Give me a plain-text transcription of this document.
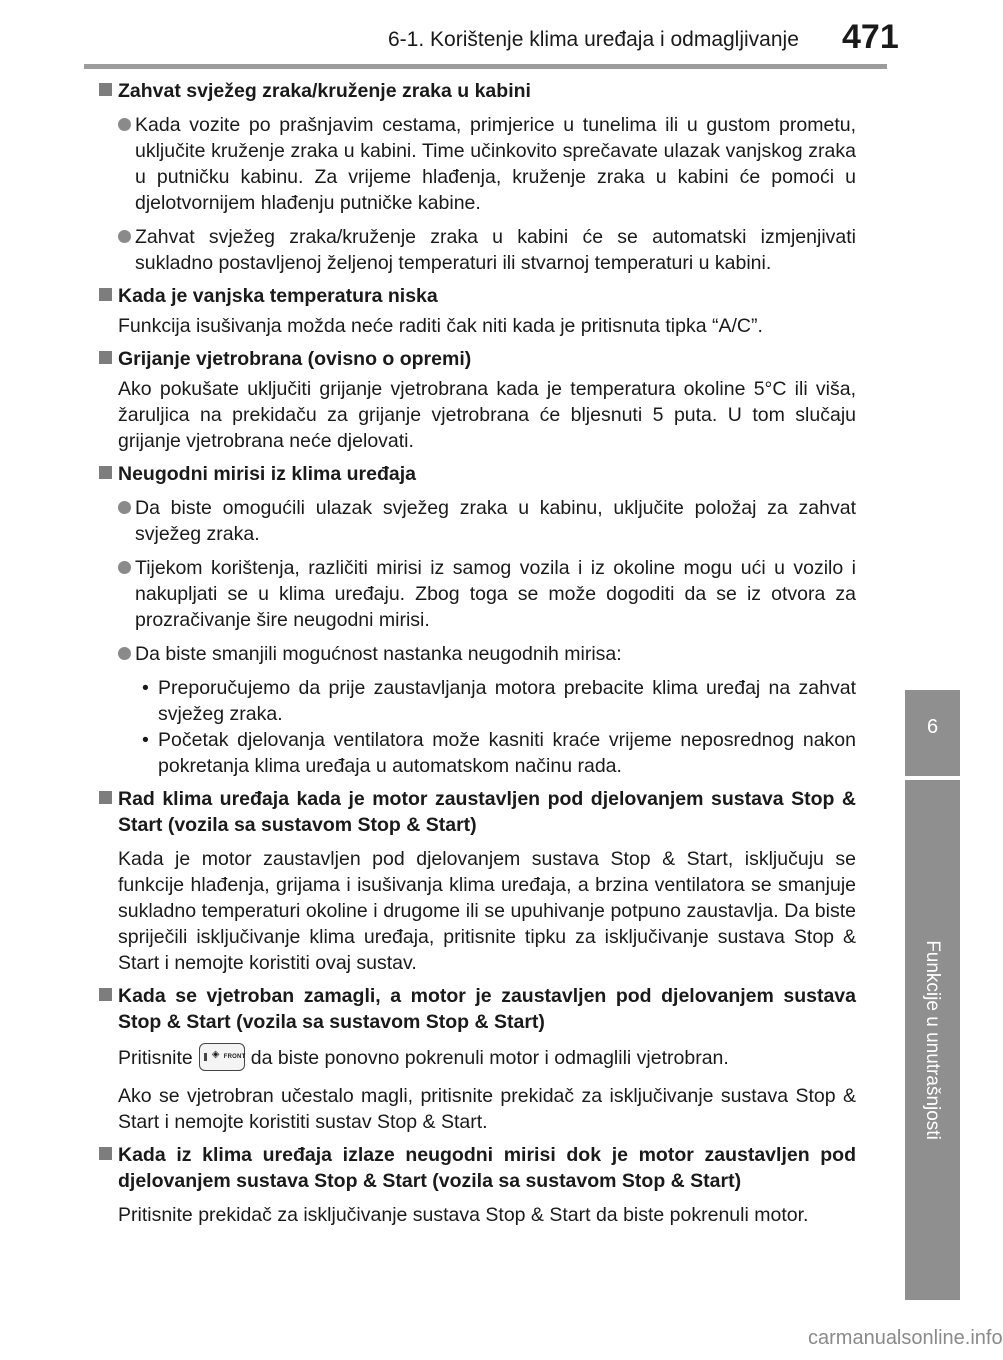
6-1. Korištenje klima uređaja i odmagljivanje 471
6
Funkcije u unutrašnjosti
Zahvat svježeg zraka/kruženje zraka u kabini
Kada vozite po prašnjavim cestama, primjerice u tunelima ili u gustom prometu, uključite kruženje zraka u kabini. Time učinkovito sprečavate ulazak vanjskog zraka u putničku kabinu. Za vrijeme hlađenja, kruženje zraka u kabini će pomoći u djelotvornijem hlađenju putničke kabine.
Zahvat svježeg zraka/kruženje zraka u kabini će se automatski izmjenjivati sukladno postavljenoj željenoj temperaturi ili stvarnoj temperaturi u kabini.
Kada je vanjska temperatura niska
Funkcija isušivanja možda neće raditi čak niti kada je pritisnuta tipka “A/C”.
Grijanje vjetrobrana (ovisno o opremi)
Ako pokušate uključiti grijanje vjetrobrana kada je temperatura okoline 5°C ili viša, žaruljica na prekidaču za grijanje vjetrobrana će bljesnuti 5 puta. U tom slučaju grijanje vjetrobrana neće djelovati.
Neugodni mirisi iz klima uređaja
Da biste omogućili ulazak svježeg zraka u kabinu, uključite položaj za zahvat svježeg zraka.
Tijekom korištenja, različiti mirisi iz samog vozila i iz okoline mogu ući u vozilo i nakupljati se u klima uređaju. Zbog toga se može dogoditi da se iz otvora za prozračivanje šire neugodni mirisi.
Da biste smanjili mogućnost nastanka neugodnih mirisa:
• Preporučujemo da prije zaustavljanja motora prebacite klima uređaj na zahvat svježeg zraka.
• Početak djelovanja ventilatora može kasniti kraće vrijeme neposrednog nakon pokretanja klima uređaja u automatskom načinu rada.
Rad klima uređaja kada je motor zaustavljen pod djelovanjem sustava Stop & Start (vozila sa sustavom Stop & Start)
Kada je motor zaustavljen pod djelovanjem sustava Stop & Start, isključuju se funkcije hlađenja, grijama i isušivanja klima uređaja, a brzina ventilatora se smanjuje sukladno temperaturi okoline i drugome ili se upuhivanje potpuno zaustavlja. Da biste spriječili isključivanje klima uređaja, pritisnite tipku za isključivanje sustava Stop & Start i nemojte koristiti ovaj sustav.
Kada se vjetroban zamagli, a motor je zaustavljen pod djelovanjem sustava Stop & Start (vozila sa sustavom Stop & Start)
Pritisnite ◈ FRONT da biste ponovno pokrenuli motor i odmaglili vjetrobran.
Ako se vjetrobran učestalo magli, pritisnite prekidač za isključivanje sustava Stop & Start i nemojte koristiti sustav Stop & Start.
Kada iz klima uređaja izlaze neugodni mirisi dok je motor zaustavljen pod djelovanjem sustava Stop & Start (vozila sa sustavom Stop & Start)
Pritisnite prekidač za isključivanje sustava Stop & Start da biste pokrenuli motor.
carmanualsonline.info
